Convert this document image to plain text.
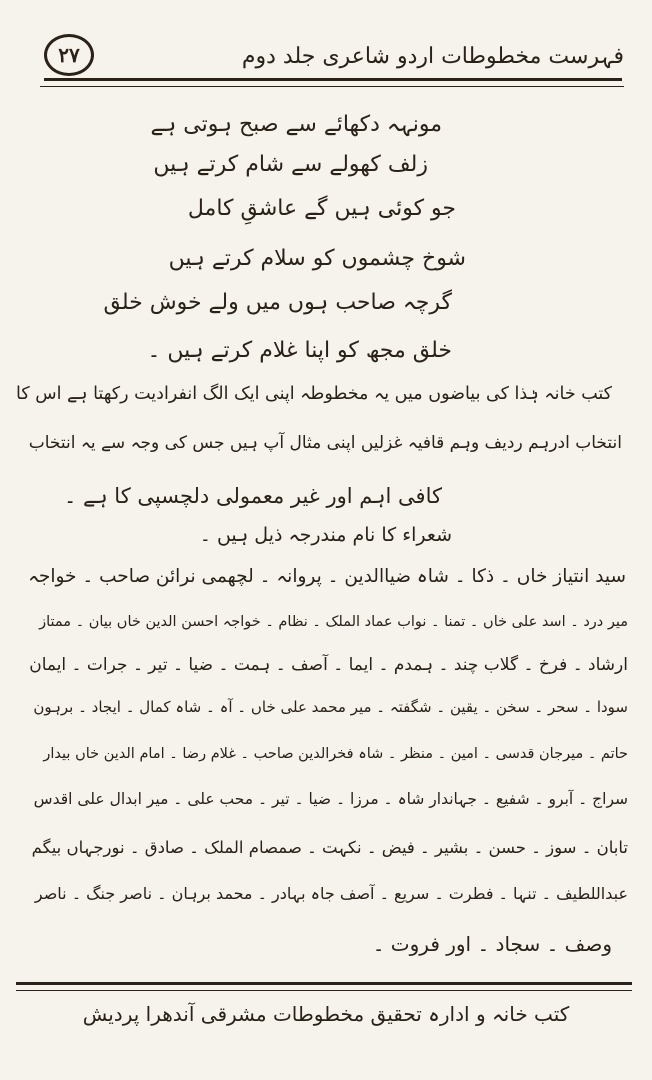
۲۷	فہرست مخطوطات اردو شاعری جلد دوم
مونہہ دکھائے سے صبح ہوتی ہے
زلف کھولے سے شام کرتے ہیں
جو کوئی ہیں گے عاشقِ کامل
شوخ چشموں کو سلام کرتے ہیں
گرچہ صاحب ہوں میں ولے خوش خلق
خلق مجھ کو اپنا غلام کرتے ہیں ۔
کتب خانہ ہٰذا کی بیاضوں میں یہ مخطوطہ اپنی ایک الگ انفرادیت رکھتا ہے اس کا
انتخاب ادرہم ردیف وہم قافیہ غزلیں اپنی مثال آپ ہیں جس کی وجہ سے یہ انتخاب
کافی اہم اور غیر معمولی دلچسپی کا ہے ۔
شعراء کا نام مندرجہ ذیل ہیں ۔
سید انتیاز خاں ۔ ذکا ۔ شاہ ضیاالدین ۔ پروانہ ۔ لچھمی نرائن صاحب ۔ خواجہ
میر درد ۔ اسد علی خاں ۔ تمنا ۔ نواب عماد الملک ۔ نظام ۔ خواجہ احسن الدین خاں بیان ۔ ممتاز
ارشاد ۔ فرخ ۔ گلاب چند ۔ ہمدم ۔ ایما ۔ آصف ۔ ہمت ۔ ضیا ۔ تیر ۔ جرات ۔ ایمان
سودا ۔ سحر ۔ سخن ۔ یقین ۔ شگفتہ ۔ میر محمد علی خاں ۔ آہ ۔ شاہ کمال ۔ ایجاد ۔ برہون
حاتم ۔ میرجان قدسی ۔ امین ۔ منظر ۔ شاہ فخرالدین صاحب ۔ غلام رضا ۔ امام الدین خاں بیدار
سراج ۔ آبرو ۔ شفیع ۔ جہاندار شاہ ۔ مرزا ۔ ضیا ۔ تیر ۔ محب علی ۔ میر ابدال علی اقدس
تابان ۔ سوز ۔ حسن ۔ بشیر ۔ فیض ۔ نکہت ۔ صمصام الملک ۔ صادق ۔ نورجہاں بیگم
عبداللطیف ۔ تنہا ۔ فطرت ۔ سریع ۔ آصف جاہ بہادر ۔ محمد برہان ۔ ناصر جنگ ۔ ناصر
وصف ۔ سجاد ۔ اور فروت ۔
کتب خانہ و ادارہ تحقیق مخطوطات مشرقی آندھرا پردیش
